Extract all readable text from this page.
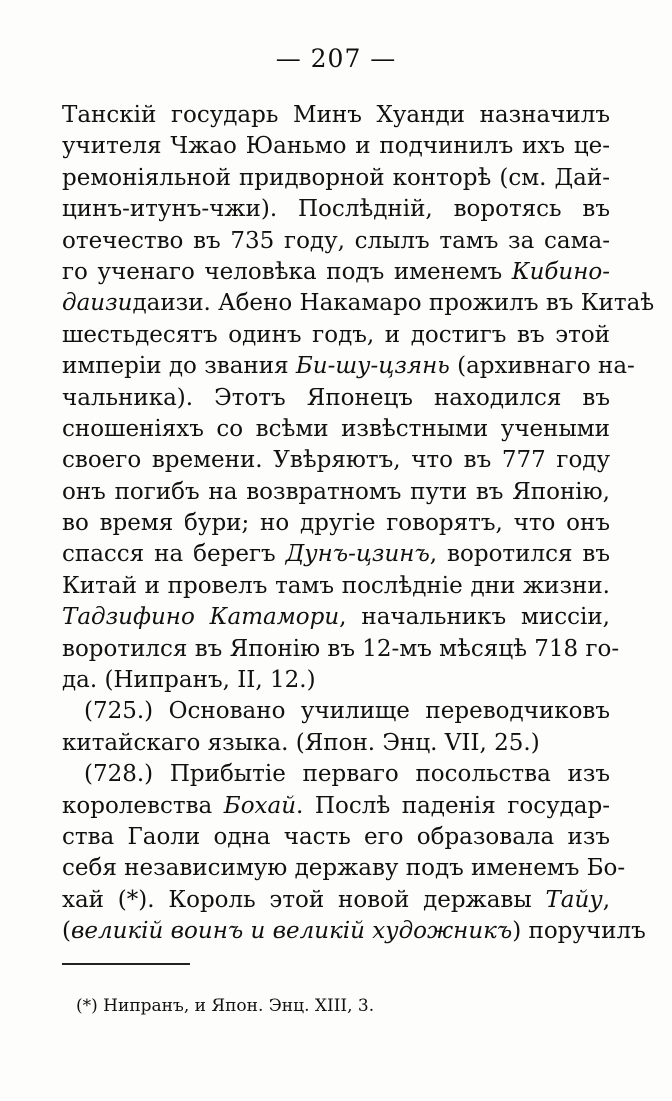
— 207 —
Танскій государь Минъ Хуанди назначилъ
учителя Чжао Юаньмо и подчинилъ ихъ це-
ремоніяльной придворной конторѣ (см. Дай-
цинъ-итунъ-чжи). Послѣдній, воротясь въ
отечество въ 735 году, слылъ тамъ за сама-
го ученаго человѣка подъ именемъ Кибино-
даизидаизи. Абено Накамаро прожилъ въ Китаѣ
шестьдесятъ одинъ годъ, и достигъ въ этой
имперіи до звания Би-шу-цзянь (архивнаго на-
чальника). Этотъ Японецъ находился въ
сношеніяхъ со всѣми извѣстными учеными
своего времени. Увѣряютъ, что въ 777 году
онъ погибъ на возвратномъ пути въ Японію,
во время бури; но другіе говорятъ, что онъ
спасся на берегъ Дунъ-цзинъ, воротился въ
Китай и провелъ тамъ послѣдніе дни жизни.
Тадзифино Катамори, начальникъ миссіи,
воротился въ Японію въ 12-мъ мѣсяцѣ 718 го-
да. (Нипранъ, II, 12.)
(725.) Основано училище переводчиковъ
китайскаго языка. (Япон. Энц. VII, 25.)
(728.) Прибытіе перваго посольства изъ
королевства Бохай. Послѣ паденія государ-
ства Гаоли одна часть его образовала изъ
себя независимую державу подъ именемъ Бо-
хай (*). Король этой новой державы Тайу,
(великій воинъ и великій художникъ) поручилъ
(*) Нипранъ, и Япон. Энц. XIII, 3.
